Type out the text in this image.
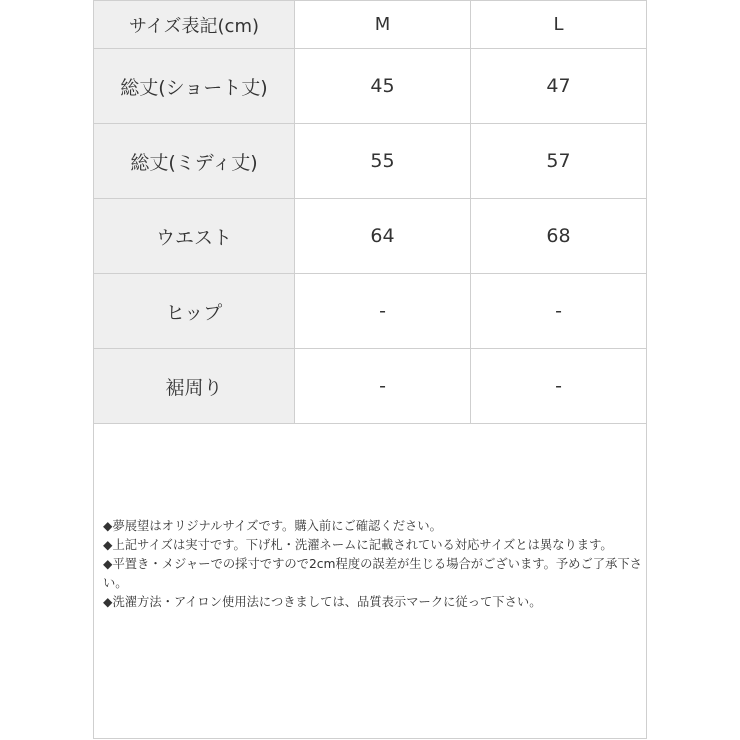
サイズ表記(cm)	M	L
総丈(ショート丈)	45	47
総丈(ミディ丈)	55	57
ウエスト	64	68
ヒップ	-	-
裾周り	-	-
◆夢展望はオリジナルサイズです。購入前にご確認ください。
◆上記サイズは実寸です。下げ札・洗濯ネームに記載されている対応サイズとは異なります。
◆平置き・メジャーでの採寸ですので2cm程度の誤差が生じる場合がございます。予めご了承下さい。
◆洗濯方法・アイロン使用法につきましては、品質表示マークに従って下さい。
